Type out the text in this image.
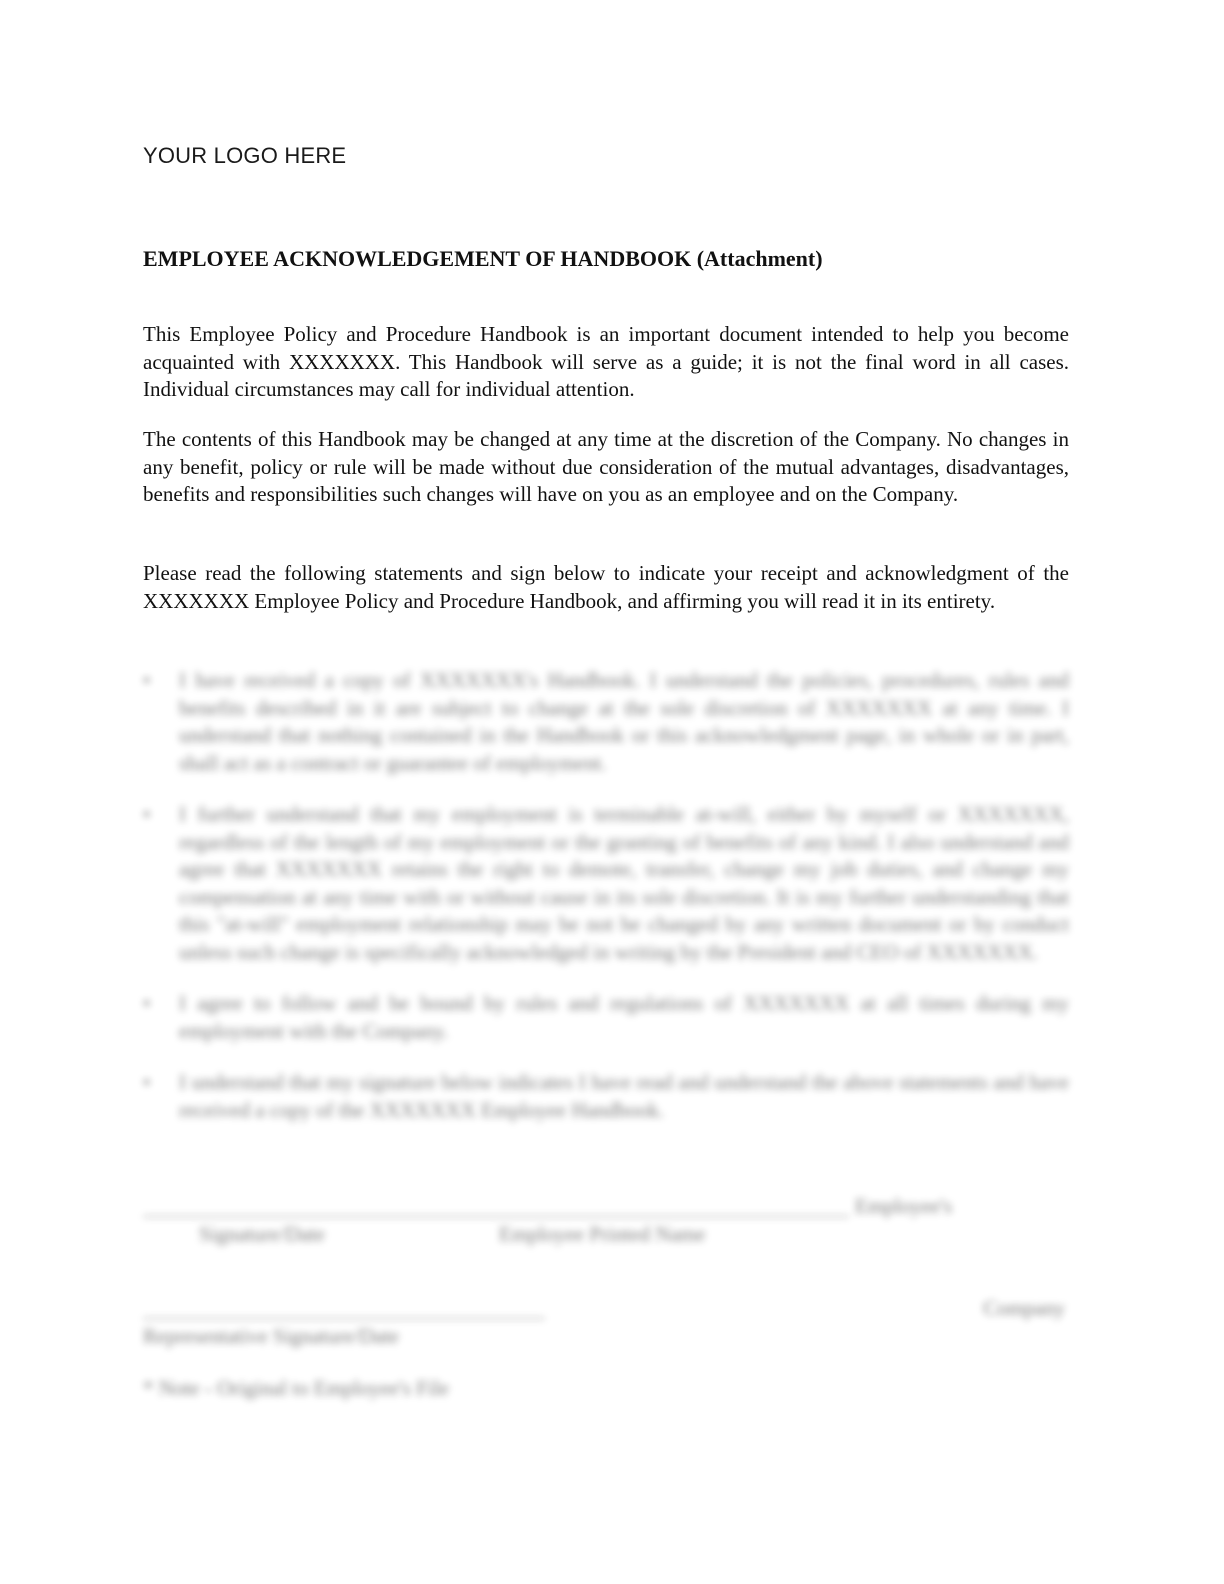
YOUR LOGO HERE
EMPLOYEE ACKNOWLEDGEMENT OF HANDBOOK (Attachment)

This Employee Policy and Procedure Handbook is an important document intended to help you become acquainted with XXXXXXX. This Handbook will serve as a guide; it is not the final word in all cases. Individual circumstances may call for individual attention.

The contents of this Handbook may be changed at any time at the discretion of the Company. No changes in any benefit, policy or rule will be made without due consideration of the mutual advantages, disadvantages, benefits and responsibilities such changes will have on you as an employee and on the Company.

Please read the following statements and sign below to indicate your receipt and acknowledgment of the XXXXXXX Employee Policy and Procedure Handbook, and affirming you will read it in its entirety.

•	I have received a copy of XXXXXXX's Handbook. I understand the policies, procedures, rules and benefits described in it are subject to change at the sole discretion of XXXXXXX at any time. I understand that nothing contained in the Handbook or this acknowledgment page, in whole or in part, shall act as a contract or guarantee of employment.
•	I further understand that my employment is terminable at-will, either by myself or XXXXXXX, regardless of the length of my employment or the granting of benefits of any kind. I also understand and agree that XXXXXXX retains the right to demote, transfer, change my job duties, and change my compensation at any time with or without cause in its sole discretion. It is my further understanding that this "at-will" employment relationship may be not be changed by any written document or by conduct unless such change is specifically acknowledged in writing by the President and CEO of XXXXXXX.
•	I agree to follow and be bound by rules and regulations of XXXXXXX at all times during my employment with the Company.
•	I understand that my signature below indicates I have read and understand the above statements and have received a copy of the XXXXXXX Employee Handbook.
Employee's
Signature/Date	Employee Printed Name
Company
Representative Signature/Date
* Note - Original to Employee's File
